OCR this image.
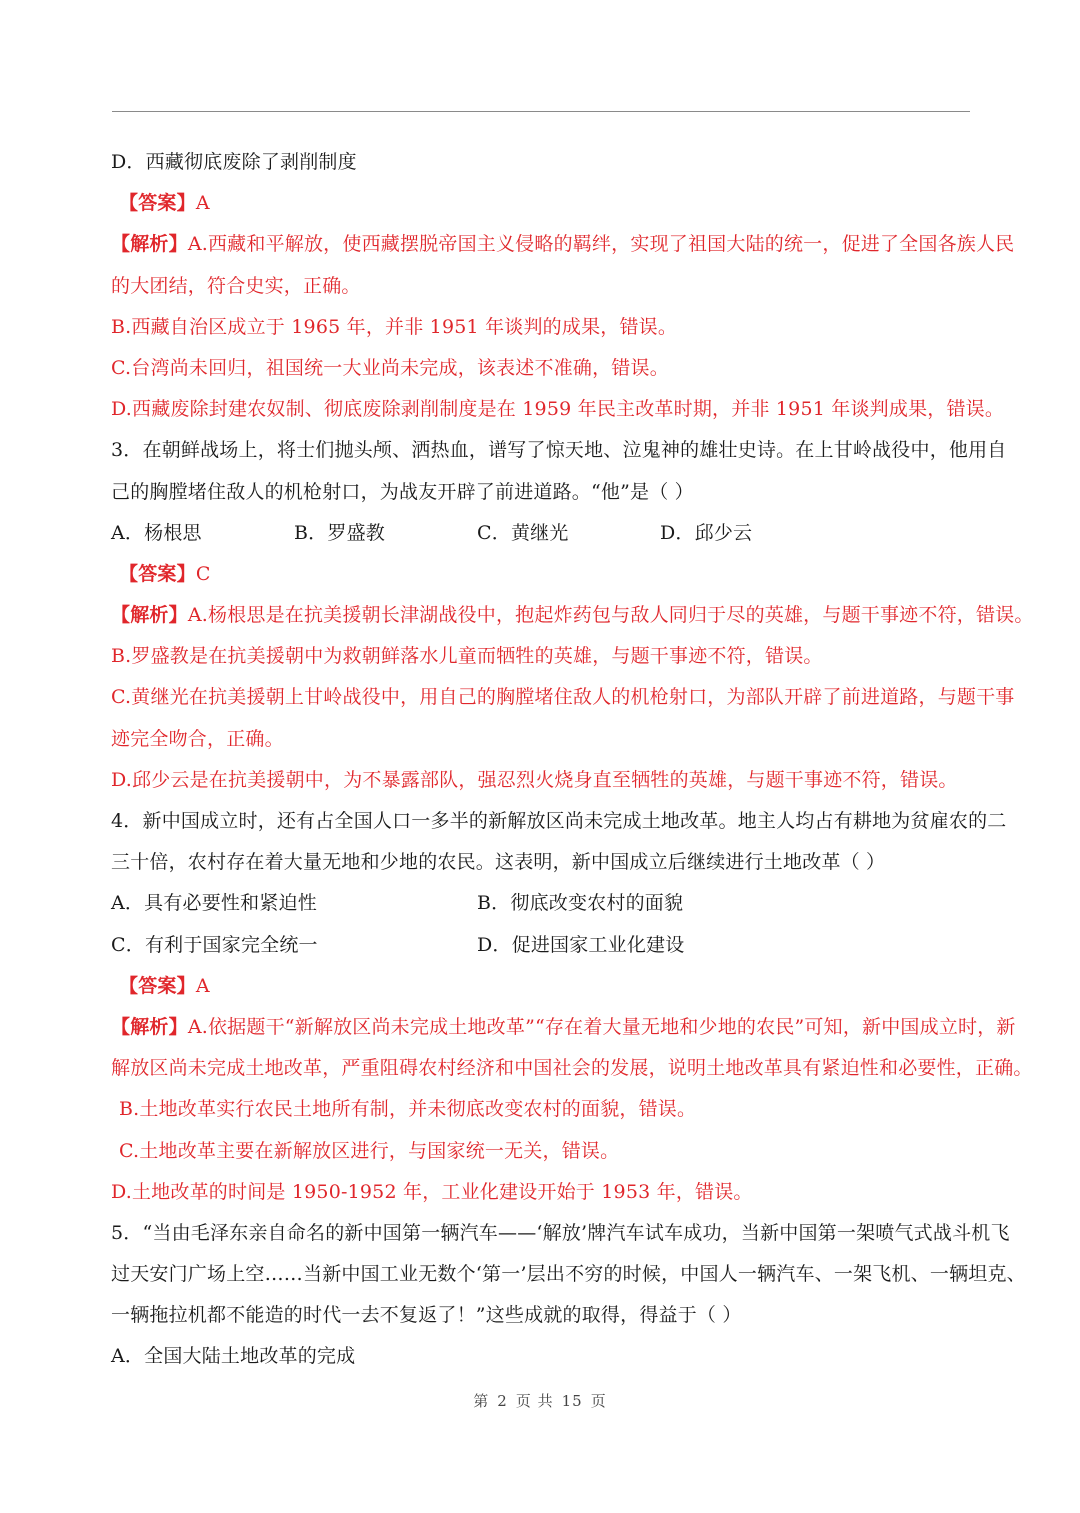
D．西藏彻底废除了剥削制度
【答案】A
【解析】A.西藏和平解放，使西藏摆脱帝国主义侵略的羁绊，实现了祖国大陆的统一，促进了全国各族人民
的大团结，符合史实，正确。
B.西藏自治区成立于 1965 年，并非 1951 年谈判的成果，错误。
C.台湾尚未回归，祖国统一大业尚未完成，该表述不准确，错误。
D.西藏废除封建农奴制、彻底废除剥削制度是在 1959 年民主改革时期，并非 1951 年谈判成果，错误。
3．在朝鲜战场上，将士们抛头颅、洒热血，谱写了惊天地、泣鬼神的雄壮史诗。在上甘岭战役中，他用自
己的胸膛堵住敌人的机枪射口，为战友开辟了前进道路。“他”是（ ）
A．杨根思	B．罗盛教	C．黄继光	D．邱少云
【答案】C
【解析】A.杨根思是在抗美援朝长津湖战役中，抱起炸药包与敌人同归于尽的英雄，与题干事迹不符，错误。
B.罗盛教是在抗美援朝中为救朝鲜落水儿童而牺牲的英雄，与题干事迹不符，错误。
C.黄继光在抗美援朝上甘岭战役中，用自己的胸膛堵住敌人的机枪射口，为部队开辟了前进道路，与题干事
迹完全吻合，正确。
D.邱少云是在抗美援朝中，为不暴露部队，强忍烈火烧身直至牺牲的英雄，与题干事迹不符，错误。
4．新中国成立时，还有占全国人口一多半的新解放区尚未完成土地改革。地主人均占有耕地为贫雇农的二
三十倍，农村存在着大量无地和少地的农民。这表明，新中国成立后继续进行土地改革（ ）
A．具有必要性和紧迫性	B．彻底改变农村的面貌
C．有利于国家完全统一	D．促进国家工业化建设
【答案】A
【解析】A.依据题干“新解放区尚未完成土地改革”“存在着大量无地和少地的农民”可知，新中国成立时，新
解放区尚未完成土地改革，严重阻碍农村经济和中国社会的发展，说明土地改革具有紧迫性和必要性，正确。
B.土地改革实行农民土地所有制，并未彻底改变农村的面貌，错误。
C.土地改革主要在新解放区进行，与国家统一无关，错误。
D.土地改革的时间是 1950-1952 年，工业化建设开始于 1953 年，错误。
5．“当由毛泽东亲自命名的新中国第一辆汽车——‘解放’牌汽车试车成功，当新中国第一架喷气式战斗机飞
过天安门广场上空……当新中国工业无数个‘第一’层出不穷的时候，中国人一辆汽车、一架飞机、一辆坦克、
一辆拖拉机都不能造的时代一去不复返了！”这些成就的取得，得益于（ ）
A．全国大陆土地改革的完成
第 2 页 共 15 页
